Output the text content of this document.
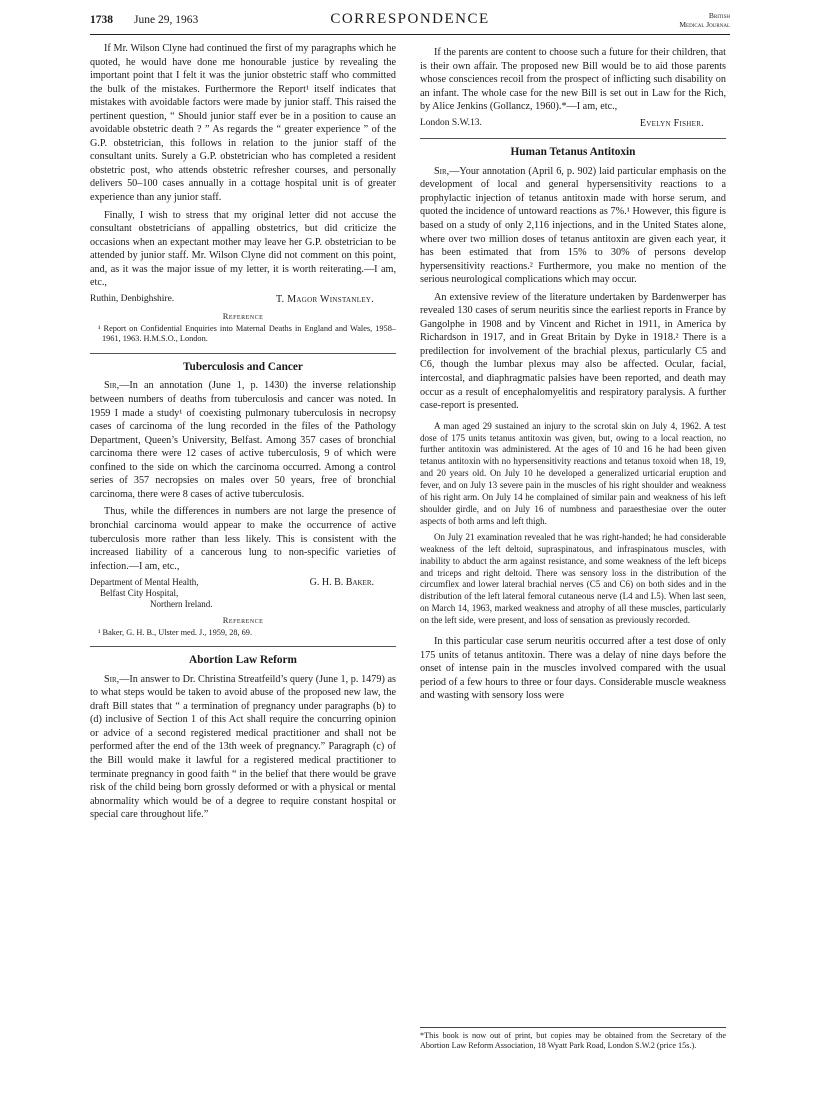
1738 June 29, 1963	CORRESPONDENCE	British
Medical Journal

If Mr. Wilson Clyne had continued the first of my paragraphs which he quoted, he would have done me honourable justice by revealing the important point that I felt it was the junior obstetric staff who committed the bulk of the mistakes. Furthermore the Report¹ itself indicates that mistakes with avoidable factors were made by junior staff. This raised the pertinent question, “ Should junior staff ever be in a position to cause an avoidable obstetric death ? ” As regards the “ greater experience ” of the G.P. obstetrician, this follows in relation to the junior staff of the consultant units. Surely a G.P. obstetrician who has completed a resident obstetric post, who attends obstetric refresher courses, and personally delivers 50–100 cases annually in a cottage hospital unit is of greater experience than any junior staff.

Finally, I wish to stress that my original letter did not accuse the consultant obstetricians of appalling obstetrics, but did criticize the occasions when an expectant mother may leave her G.P. obstetrician to be attended by junior staff. Mr. Wilson Clyne did not comment on this point, and, as it was the major issue of my letter, it is worth reiterating.—I am, etc.,

Ruthin, Denbighshire.	T. Magor Winstanley.
Reference
¹ Report on Confidential Enquiries into Maternal Deaths in England and Wales, 1958–1961, 1963. H.M.S.O., London.
Tuberculosis and Cancer

Sir,—In an annotation (June 1, p. 1430) the inverse relationship between numbers of deaths from tuberculosis and cancer was noted. In 1959 I made a study¹ of coexisting pulmonary tuberculosis in necropsy cases of carcinoma of the lung recorded in the files of the Pathology Department, Queen’s University, Belfast. Among 357 cases of bronchial carcinoma there were 12 cases of active tuberculosis, 9 of which were confined to the side on which the carcinoma occurred. Among a control series of 357 necropsies on males over 50 years, free of bronchial carcinoma, there were 8 cases of active tuberculosis.

Thus, while the differences in numbers are not large the presence of bronchial carcinoma would appear to make the occurrence of active tuberculosis more rather than less likely. This is consistent with the increased liability of a cancerous lung to non-specific varieties of infection.—I am, etc.,

Department of Mental Health,
Belfast City Hospital,
Northern Ireland.
G. H. B. Baker.
Reference
¹ Baker, G. H. B., Ulster med. J., 1959, 28, 69.
Abortion Law Reform

Sir,—In answer to Dr. Christina Streatfeild’s query (June 1, p. 1479) as to what steps would be taken to avoid abuse of the proposed new law, the draft Bill states that “ a termination of pregnancy under paragraphs (b) to (d) inclusive of Section 1 of this Act shall require the concurring opinion or advice of a second registered medical practitioner and shall not be performed after the end of the 13th week of pregnancy.” Paragraph (c) of the Bill would make it lawful for a registered medical practitioner to terminate pregnancy in good faith “ in the belief that there would be grave risk of the child being born grossly deformed or with a physical or mental abnormality which would be of a degree to require constant hospital or special care throughout life.”

If the parents are content to choose such a future for their children, that is their own affair. The proposed new Bill would be to aid those parents whose consciences recoil from the prospect of inflicting such disability on an infant. The whole case for the new Bill is set out in Law for the Rich, by Alice Jenkins (Gollancz, 1960).*—I am, etc.,

London S.W.13.	Evelyn Fisher.
Human Tetanus Antitoxin

Sir,—Your annotation (April 6, p. 902) laid particular emphasis on the development of local and general hypersensitivity reactions to a prophylactic injection of tetanus antitoxin made with horse serum, and quoted the incidence of untoward reactions as 7%.¹ However, this figure is based on a study of only 2,116 injections, and in the United States alone, where over two million doses of tetanus antitoxin are given each year, it has been estimated that from 15% to 30% of persons develop hypersensitivity reactions.² Furthermore, you make no mention of the serious neurological complications which may occur.

An extensive review of the literature undertaken by Bardenwerper has revealed 130 cases of serum neuritis since the earliest reports in France by Gangolphe in 1908 and by Vincent and Richet in 1911, in America by Richardson in 1917, and in Great Britain by Dyke in 1918.² There is a predilection for involvement of the brachial plexus, particularly C5 and C6, though the lumbar plexus may also be affected. Ocular, facial, intercostal, and diaphragmatic palsies have been reported, and death may occur as a result of encephalomyelitis and respiratory paralysis. A further case-report is presented.

A man aged 29 sustained an injury to the scrotal skin on July 4, 1962. A test dose of 175 units tetanus antitoxin was given, but, owing to a local reaction, no further antitoxin was administered. At the ages of 10 and 16 he had been given tetanus antitoxin with no hypersensitivity reactions and tetanus toxoid when 18, 19, and 20 years old. On July 10 he developed a generalized urticarial eruption and fever, and on July 13 severe pain in the muscles of his right shoulder and weakness of his right arm. On July 14 he complained of similar pain and weakness of his left shoulder girdle, and on July 16 of numbness and paraesthesiae over the outer aspects of both arms and left thigh.

On July 21 examination revealed that he was right-handed; he had considerable weakness of the left deltoid, supraspinatous, and infraspinatous muscles, with inability to abduct the arm against resistance, and some weakness of the left biceps and triceps and right deltoid. There was sensory loss in the distribution of the circumflex and lower lateral brachial nerves (C5 and C6) on both sides and in the distribution of the left lateral femoral cutaneous nerve (L4 and L5). When last seen, on March 14, 1963, marked weakness and atrophy of all these muscles, particularly on the left side, were present, and loss of sensation as previously recorded.

In this particular case serum neuritis occurred after a test dose of only 175 units of tetanus antitoxin. There was a delay of nine days before the onset of intense pain in the muscles involved compared with the usual period of a few hours to three or four days. Considerable muscle weakness and wasting with sensory loss were

*This book is now out of print, but copies may be obtained from the Secretary of the Abortion Law Reform Association, 18 Wyatt Park Road, London S.W.2 (price 15s.).
